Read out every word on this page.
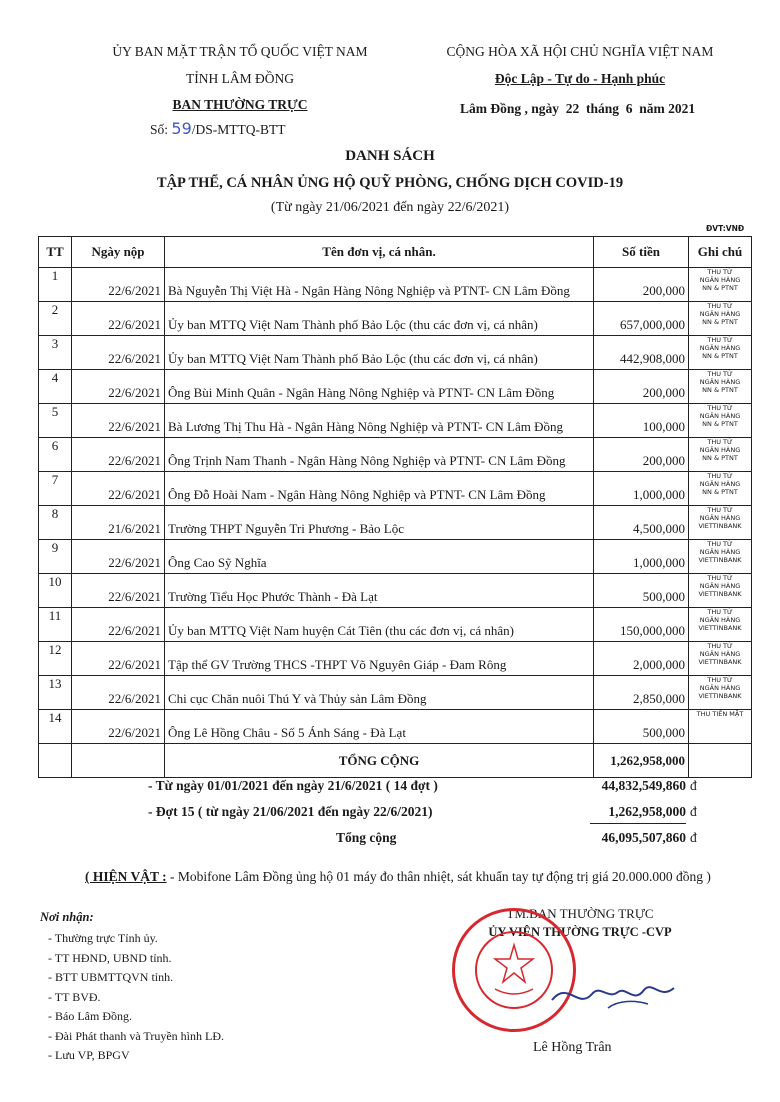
ỦY BAN MẶT TRẬN TỔ QUỐC VIỆT NAM
TỈNH LÂM ĐỒNG
BAN THƯỜNG TRỰC
Số: 59/DS-MTTQ-BTT
CỘNG HÒA XÃ HỘI CHỦ NGHĨA VIỆT NAM
Độc Lập - Tự do - Hạnh phúc
Lâm Đồng , ngày  22  tháng  6  năm 2021
DANH SÁCH
TẬP THỂ, CÁ NHÂN ỦNG HỘ QUỸ PHÒNG, CHỐNG DỊCH COVID-19
(Từ ngày 21/06/2021 đến ngày 22/6/2021)
ĐVT:VNĐ
TT	Ngày nộp	Tên đơn vị, cá nhân.	Số tiền	Ghi chú
1	22/6/2021	Bà Nguyễn Thị Việt Hà - Ngân Hàng Nông Nghiệp và PTNT- CN Lâm Đồng	200,000	THU TỪ
NGÂN HÀNG
NN & PTNT

2	22/6/2021	Ủy ban MTTQ Việt Nam Thành phố Bảo Lộc (thu các đơn vị, cá nhân)	657,000,000	THU TỪ
NGÂN HÀNG
NN & PTNT

3	22/6/2021	Ủy ban MTTQ Việt Nam Thành phố Bảo Lộc (thu các đơn vị, cá nhân)	442,908,000	THU TỪ
NGÂN HÀNG
NN & PTNT

4	22/6/2021	Ông Bùi Minh Quân - Ngân Hàng Nông Nghiệp và PTNT- CN Lâm Đồng	200,000	THU TỪ
NGÂN HÀNG
NN & PTNT

5	22/6/2021	Bà Lương Thị Thu Hà - Ngân Hàng Nông Nghiệp và PTNT- CN Lâm Đồng	100,000	THU TỪ
NGÂN HÀNG
NN & PTNT

6	22/6/2021	Ông Trịnh Nam Thanh - Ngân Hàng Nông Nghiệp và PTNT- CN Lâm Đồng	200,000	THU TỪ
NGÂN HÀNG
NN & PTNT

7	22/6/2021	Ông Đỗ Hoài Nam - Ngân Hàng Nông Nghiệp và PTNT- CN Lâm Đồng	1,000,000	THU TỪ
NGÂN HÀNG
NN & PTNT

8	21/6/2021	Trường THPT Nguyễn Tri Phương - Bảo Lộc	4,500,000	THU TỪ
NGÂN HÀNG
VIETTINBANK

9	22/6/2021	Ông Cao Sỹ Nghĩa	1,000,000	THU TỪ
NGÂN HÀNG
VIETTINBANK

10	22/6/2021	Trường Tiểu Học Phước Thành - Đà Lạt	500,000	THU TỪ
NGÂN HÀNG
VIETTINBANK

11	22/6/2021	Ủy ban MTTQ Việt Nam huyện Cát Tiên (thu các đơn vị, cá nhân)	150,000,000	THU TỪ
NGÂN HÀNG
VIETTINBANK

12	22/6/2021	Tập thể GV Trường THCS -THPT Võ Nguyên Giáp - Đam Rông	2,000,000	THU TỪ
NGÂN HÀNG
VIETTINBANK

13	22/6/2021	Chi cục Chăn nuôi Thú Y và Thủy sản Lâm Đồng	2,850,000	THU TỪ
NGÂN HÀNG
VIETTINBANK

14	22/6/2021	Ông Lê Hồng Châu - Số 5 Ánh Sáng - Đà Lạt	500,000	THU TIỀN MẶT

		TỔNG CỘNG	1,262,958,000	
- Từ ngày 01/01/2021 đến ngày 21/6/2021 ( 14 đợt )	44,832,549,860 đ
- Đợt 15 ( từ ngày 21/06/2021 đến ngày 22/6/2021)	1,262,958,000 đ
Tổng cộng	46,095,507,860 đ
( HIỆN VẬT : - Mobifone Lâm Đồng ủng hộ 01 máy đo thân nhiệt, sát khuẩn tay tự động trị giá 20.000.000 đồng )
Nơi nhận:
- Thường trực Tỉnh ủy.
- TT HĐND, UBND tỉnh.
- BTT UBMTTQVN tỉnh.
- TT BVĐ.
- Báo Lâm Đồng.
- Đài Phát thanh và Truyền hình LĐ.
- Lưu VP, BPGV
TM.BAN THƯỜNG TRỰC
ỦY VIÊN THƯỜNG TRỰC -CVP
Lê Hồng Trân
